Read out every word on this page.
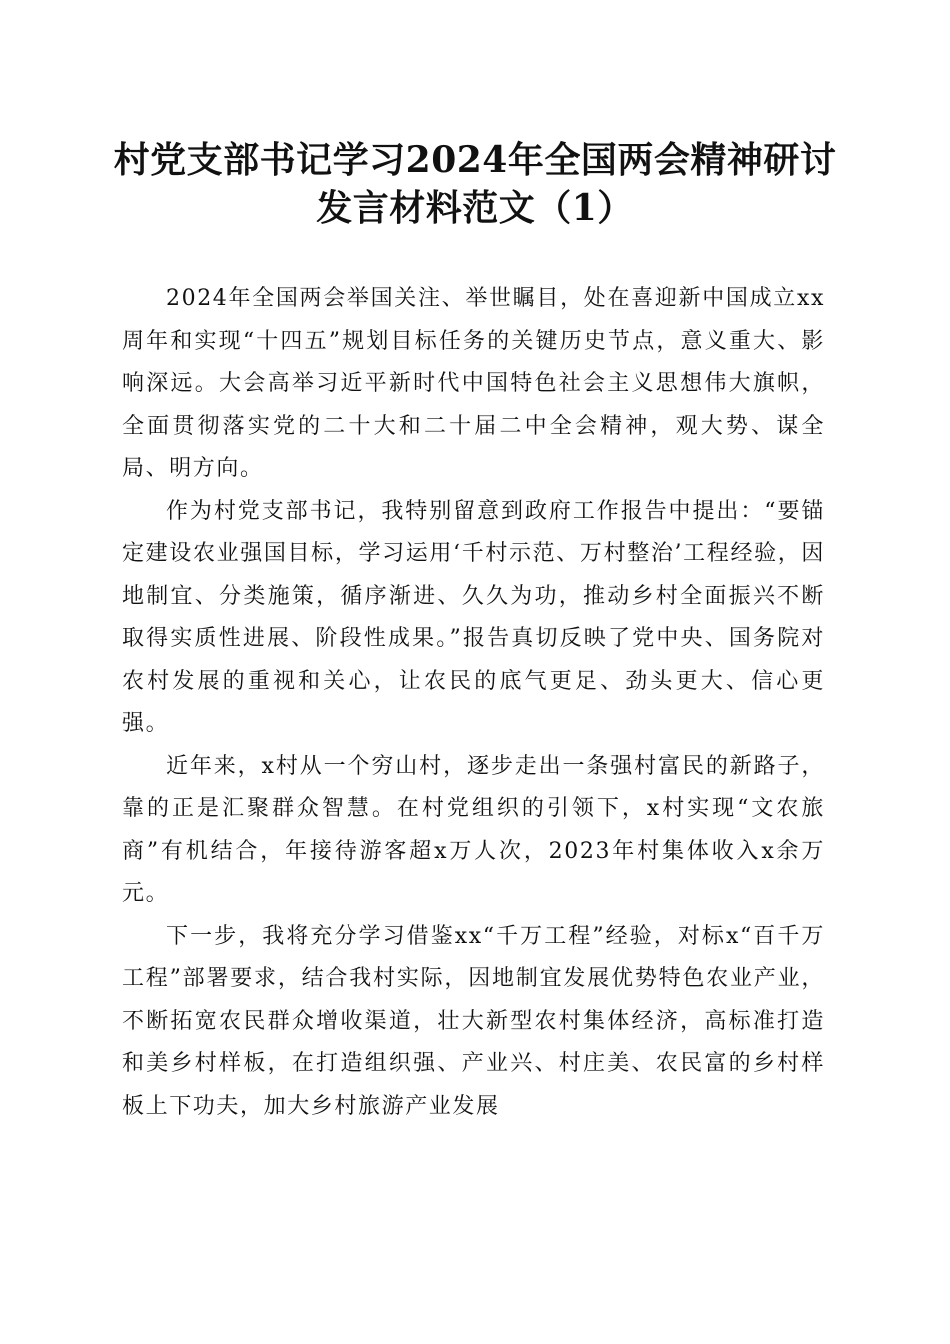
村党支部书记学习2024年全国两会精神研讨
发言材料范文（1）

2024年全国两会举国关注、举世瞩目，处在喜迎新中国成立xx周年和实现“十四五”规划目标任务的关键历史节点，意义重大、影响深远。大会高举习近平新时代中国特色社会主义思想伟大旗帜，全面贯彻落实党的二十大和二十届二中全会精神，观大势、谋全局、明方向。

作为村党支部书记，我特别留意到政府工作报告中提出：“要锚定建设农业强国目标，学习运用‘千村示范、万村整治’工程经验，因地制宜、分类施策，循序渐进、久久为功，推动乡村全面振兴不断取得实质性进展、阶段性成果。”报告真切反映了党中央、国务院对农村发展的重视和关心，让农民的底气更足、劲头更大、信心更强。

近年来，x村从一个穷山村，逐步走出一条强村富民的新路子，靠的正是汇聚群众智慧。在村党组织的引领下，x村实现“文农旅商”有机结合，年接待游客超x万人次，2023年村集体收入x余万元。

下一步，我将充分学习借鉴xx“千万工程”经验，对标x“百千万工程”部署要求，结合我村实际，因地制宜发展优势特色农业产业，不断拓宽农民群众增收渠道，壮大新型农村集体经济，高标准打造和美乡村样板，在打造组织强、产业兴、村庄美、农民富的乡村样板上下功夫，加大乡村旅游产业发展
